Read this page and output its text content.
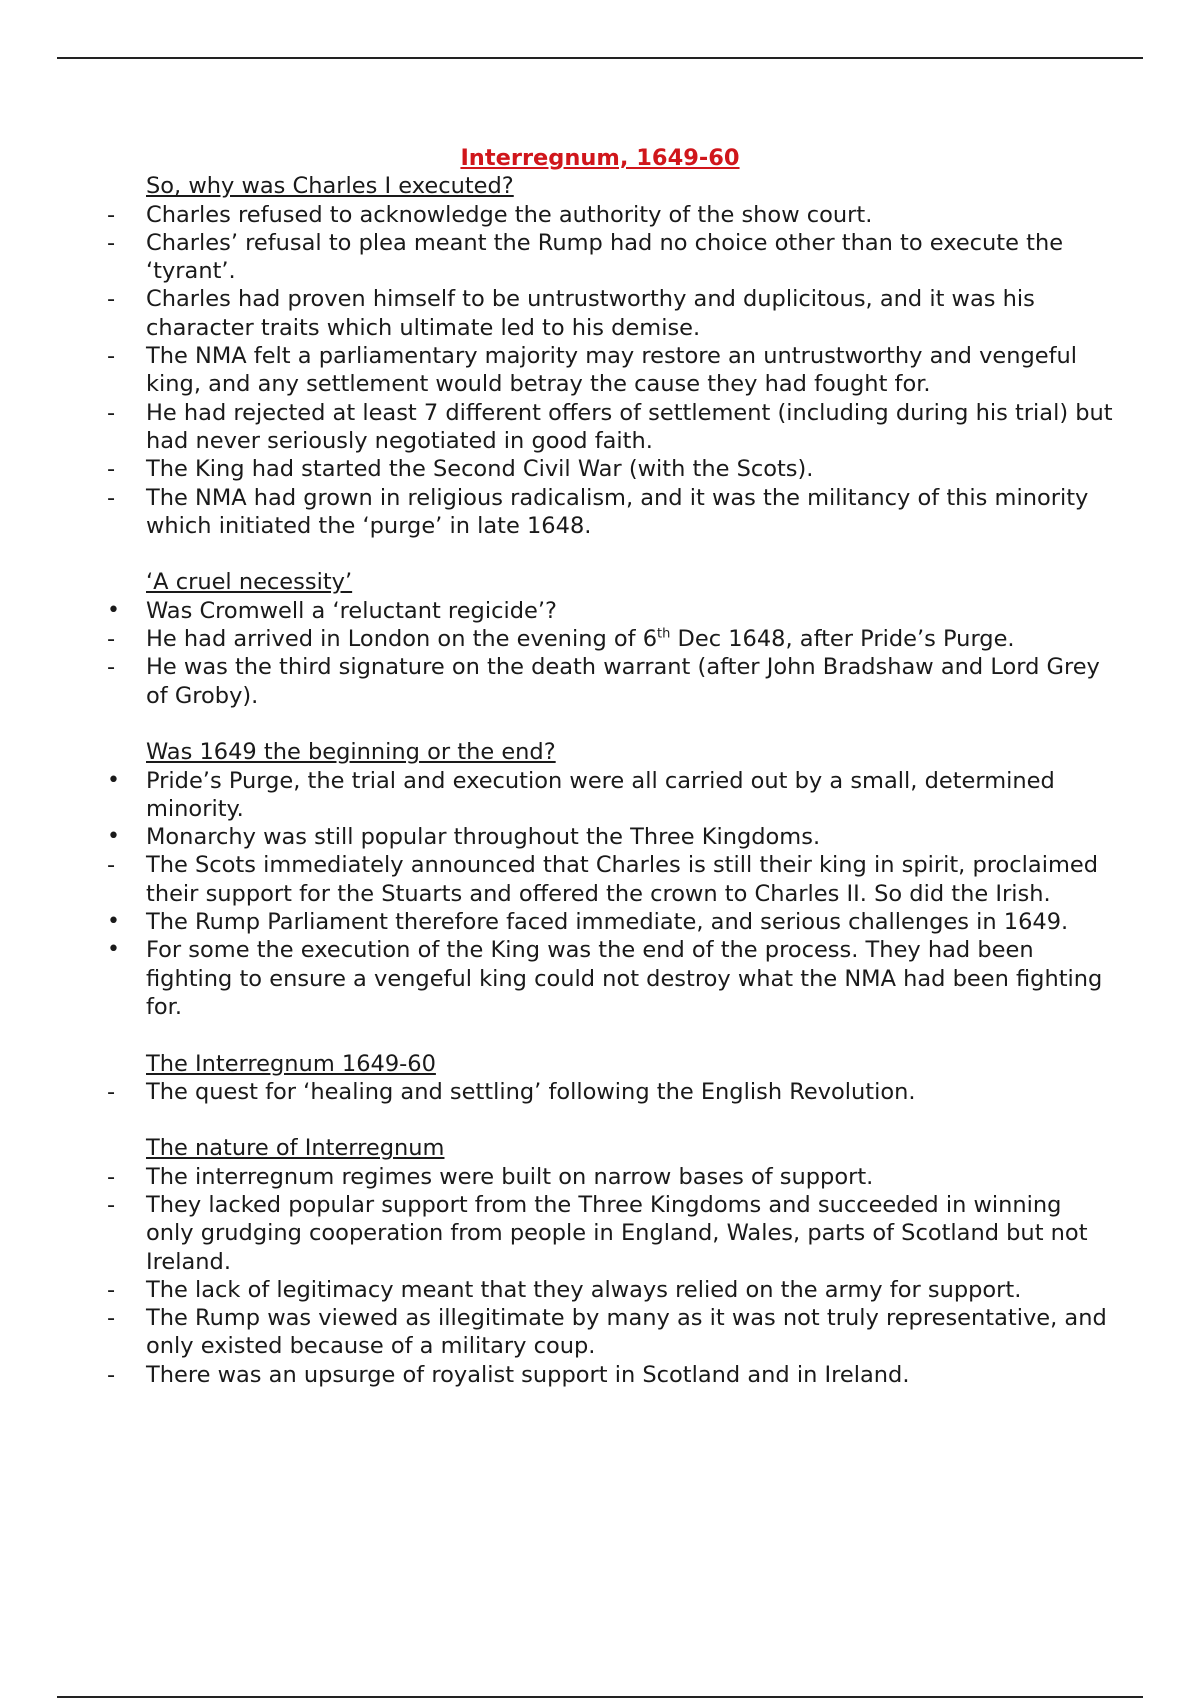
Interregnum, 1649-60
So, why was Charles I executed?
-	Charles refused to acknowledge the authority of the show court.
-	Charles’ refusal to plea meant the Rump had no choice other than to execute the ‘tyrant’.
-	Charles had proven himself to be untrustworthy and duplicitous, and it was his character traits which ultimate led to his demise.
-	The NMA felt a parliamentary majority may restore an untrustworthy and vengeful king, and any settlement would betray the cause they had fought for.
-	He had rejected at least 7 different offers of settlement (including during his trial) but had never seriously negotiated in good faith.
-	The King had started the Second Civil War (with the Scots).
-	The NMA had grown in religious radicalism, and it was the militancy of this minority which initiated the ‘purge’ in late 1648.
‘A cruel necessity’
•	Was Cromwell a ‘reluctant regicide’?
-	He had arrived in London on the evening of 6th Dec 1648, after Pride’s Purge.
-	He was the third signature on the death warrant (after John Bradshaw and Lord Grey of Groby).
Was 1649 the beginning or the end?
•	Pride’s Purge, the trial and execution were all carried out by a small, determined minority.
•	Monarchy was still popular throughout the Three Kingdoms.
-	The Scots immediately announced that Charles is still their king in spirit, proclaimed their support for the Stuarts and offered the crown to Charles II. So did the Irish.
•	The Rump Parliament therefore faced immediate, and serious challenges in 1649.
•	For some the execution of the King was the end of the process. They had been fighting to ensure a vengeful king could not destroy what the NMA had been fighting for.
The Interregnum 1649-60
-	The quest for ‘healing and settling’ following the English Revolution.
The nature of Interregnum
-	The interregnum regimes were built on narrow bases of support.
-	They lacked popular support from the Three Kingdoms and succeeded in winning only grudging cooperation from people in England, Wales, parts of Scotland but not Ireland.
-	The lack of legitimacy meant that they always relied on the army for support.
-	The Rump was viewed as illegitimate by many as it was not truly representative, and only existed because of a military coup.
-	There was an upsurge of royalist support in Scotland and in Ireland.
